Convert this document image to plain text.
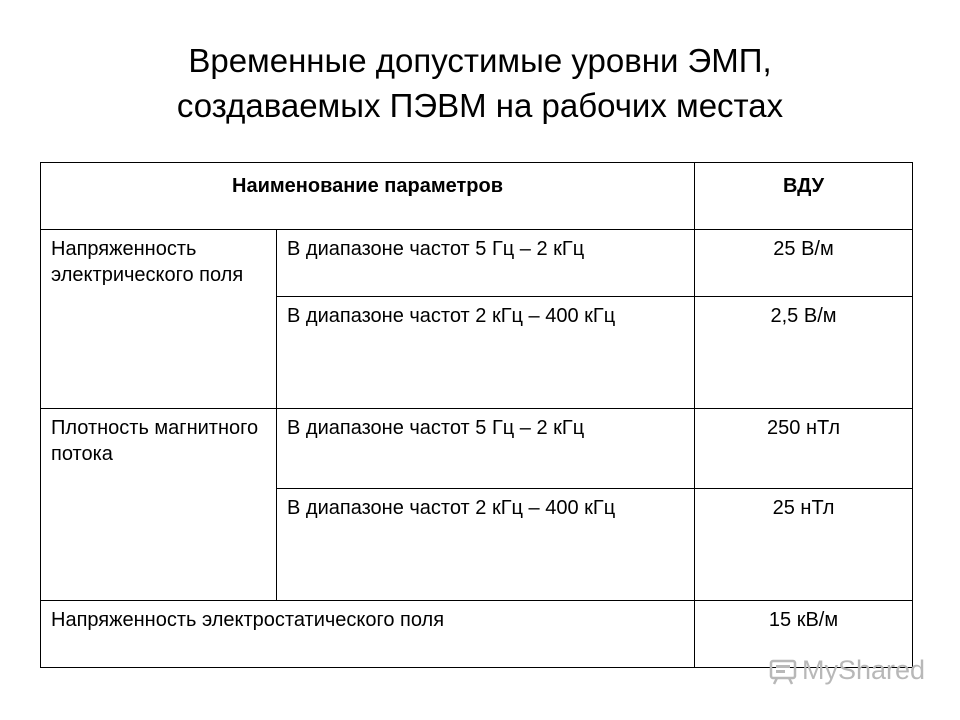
Временные допустимые уровни ЭМП,
создаваемых ПЭВМ на рабочих местах
Наименование параметров		ВДУ
Напряженность электрического поля	В диапазоне частот 5 Гц – 2 кГц	25 В/м
	В диапазоне частот 2 кГц – 400 кГц	2,5 В/м
Плотность магнитного потока	В диапазоне частот 5 Гц – 2 кГц	250 нТл
	В диапазоне частот 2 кГц – 400 кГц	25 нТл
Напряженность электростатического поля		15 кВ/м
MyShared
